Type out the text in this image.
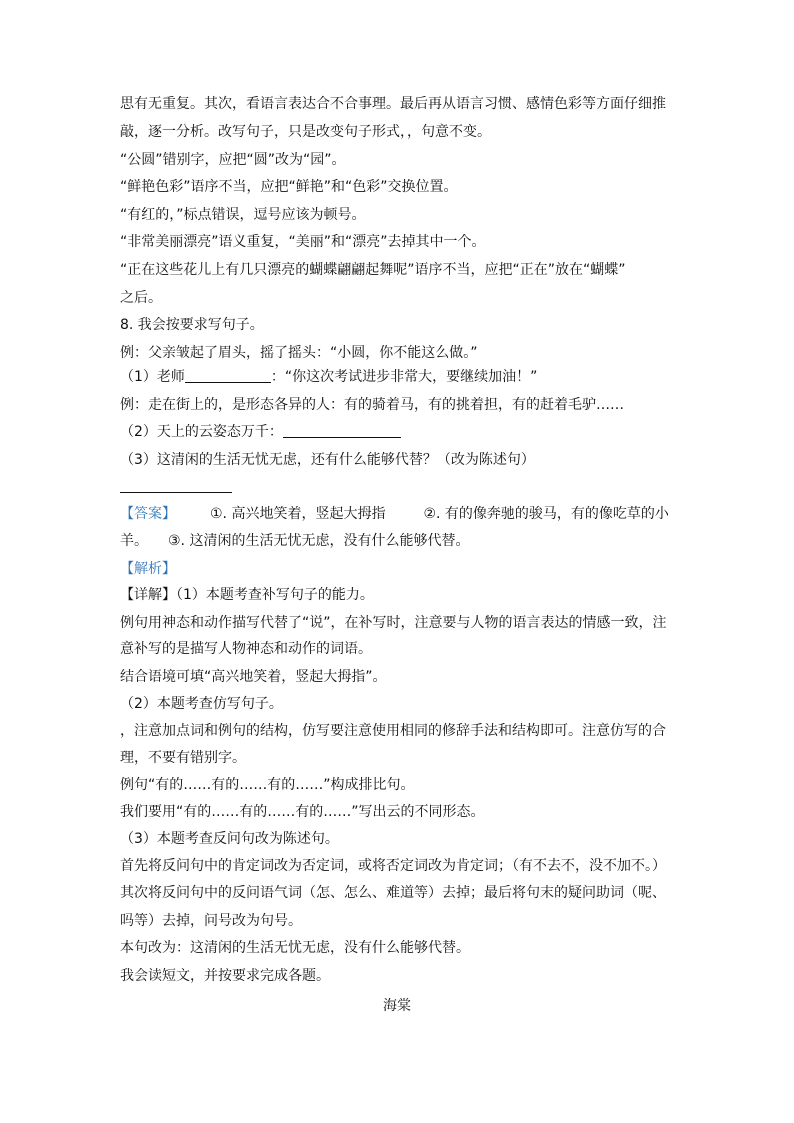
思有无重复。其次，看语言表达合不合事理。最后再从语言习惯、感情色彩等方面仔细推
敲，逐一分析。改写句子，只是改变句子形式，，句意不变。
“公圆”错别字，应把“圆”改为“园”。
“鲜艳色彩”语序不当，应把“鲜艳”和“色彩”交换位置。
“有红的，”标点错误，逗号应该为顿号。
“非常美丽漂亮”语义重复，“美丽”和“漂亮”去掉其中一个。
“正在这些花儿上有几只漂亮的蝴蝶翩翩起舞呢”语序不当，应把“正在”放在“蝴蝶”
之后。
8. 我会按要求写句子。
例：父亲皱起了眉头，摇了摇头：“小圆，你不能这么做。”
（1）老师	：“你这次考试进步非常大，要继续加油！”
例：走在街上的，是形态各异的人：有的骑着马，有的挑着担，有的赶着毛驴……
（2）天上的云姿态万千：
（3）这清闲的生活无忧无虑，还有什么能够代替？（改为陈述句）
【答案】 ①. 高兴地笑着，竖起大拇指	②. 有的像奔驰的骏马，有的像吃草的小
羊。 ③. 这清闲的生活无忧无虑，没有什么能够代替。
【解析】
【详解】（1）本题考查补写句子的能力。
例句用神态和动作描写代替了“说”，在补写时，注意要与人物的语言表达的情感一致，注
意补写的是描写人物神态和动作的词语。
结合语境可填“高兴地笑着，竖起大拇指”。
（2）本题考查仿写句子。
，注意加点词和例句的结构，仿写要注意使用相同的修辞手法和结构即可。注意仿写的合
理，不要有错别字。
例句“有的……有的……有的……”构成排比句。
我们要用“有的……有的……有的……”写出云的不同形态。
（3）本题考查反问句改为陈述句。
首先将反问句中的肯定词改为否定词，或将否定词改为肯定词；（有不去不，没不加不。）
其次将反问句中的反问语气词（怎、怎么、难道等）去掉；最后将句末的疑问助词（呢、
吗等）去掉，问号改为句号。
本句改为：这清闲的生活无忧无虑，没有什么能够代替。
我会读短文，并按要求完成各题。
海棠
